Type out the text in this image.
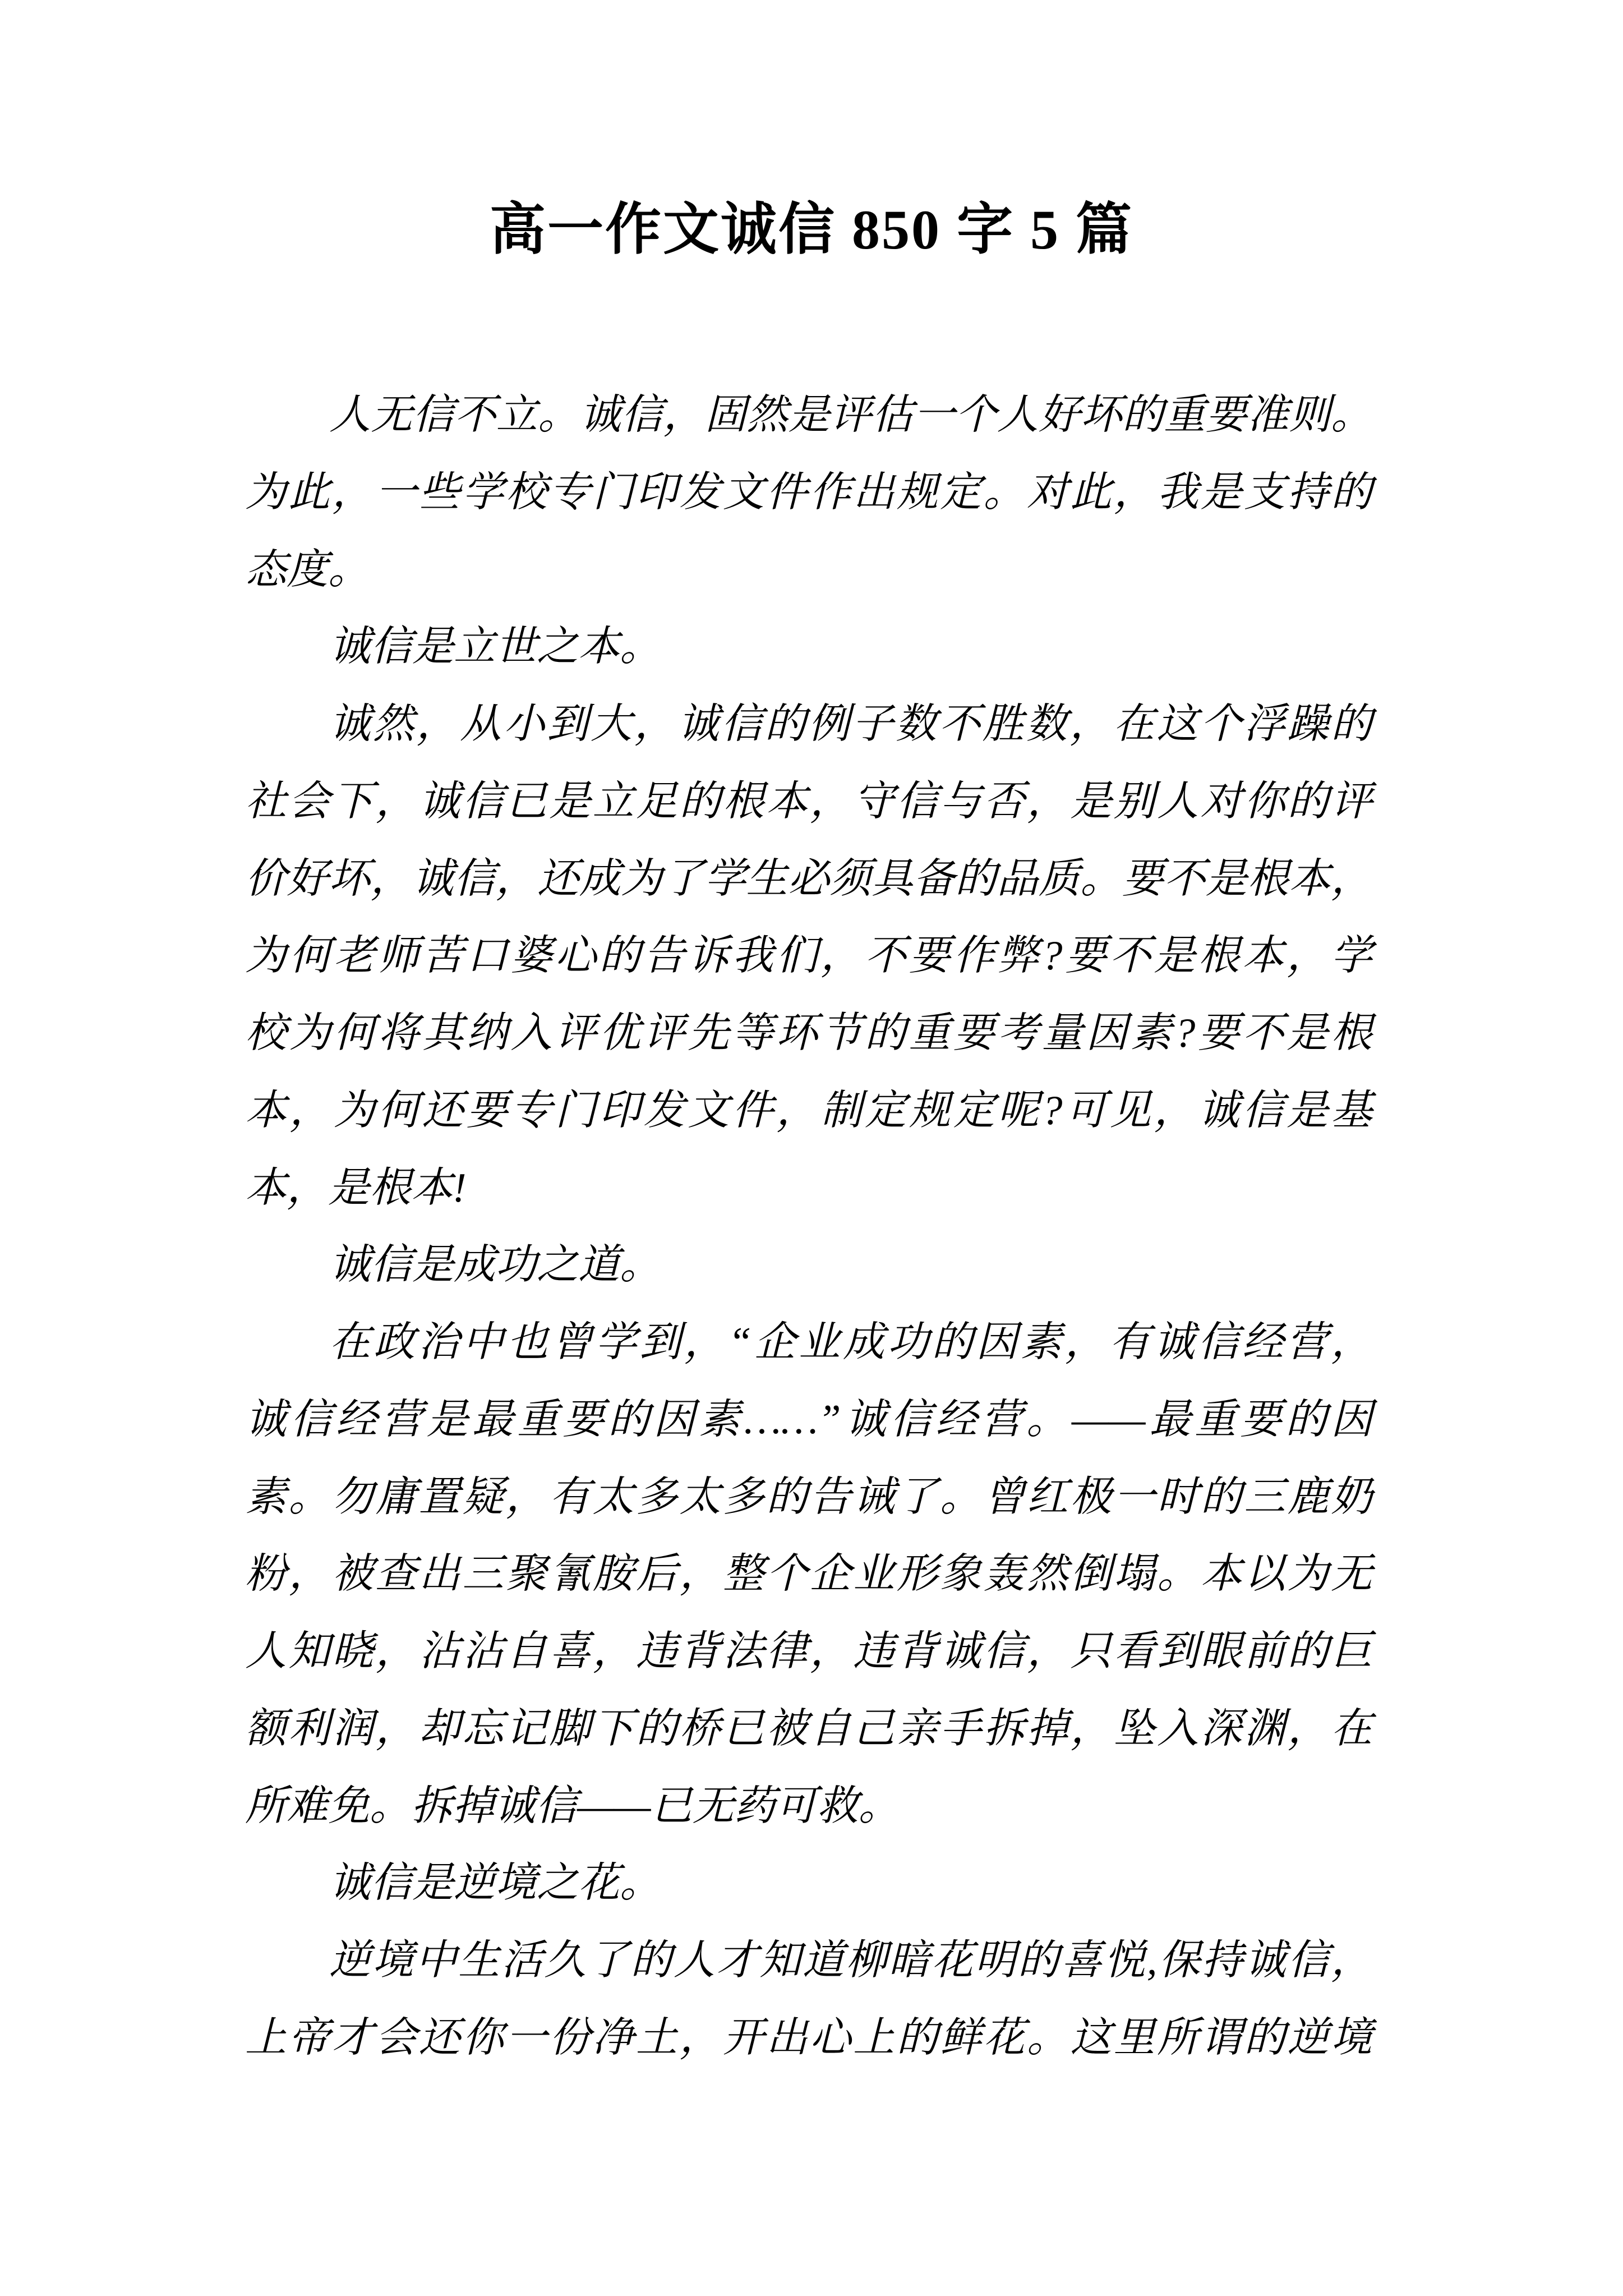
高一作文诚信 850 字 5 篇
人无信不立。诚信，固然是评估一个人好坏的重要准则。
为此，一些学校专门印发文件作出规定。对此，我是支持的
态度。
诚信是立世之本。
诚然，从小到大，诚信的例子数不胜数，在这个浮躁的
社会下，诚信已是立足的根本，守信与否，是别人对你的评
价好坏，诚信，还成为了学生必须具备的品质。要不是根本，
为何老师苦口婆心的告诉我们，不要作弊?要不是根本，学
校为何将其纳入评优评先等环节的重要考量因素?要不是根
本，为何还要专门印发文件，制定规定呢?可见，诚信是基
本，是根本!
诚信是成功之道。
在政治中也曾学到，“企业成功的因素，有诚信经营，
诚信经营是最重要的因素……”诚信经营。——最重要的因
素。勿庸置疑，有太多太多的告诫了。曾红极一时的三鹿奶
粉，被查出三聚氰胺后，整个企业形象轰然倒塌。本以为无
人知晓，沾沾自喜，违背法律，违背诚信，只看到眼前的巨
额利润，却忘记脚下的桥已被自己亲手拆掉，坠入深渊，在
所难免。拆掉诚信——已无药可救。
诚信是逆境之花。
逆境中生活久了的人才知道柳暗花明的喜悦,保持诚信，
上帝才会还你一份净土，开出心上的鲜花。这里所谓的逆境
